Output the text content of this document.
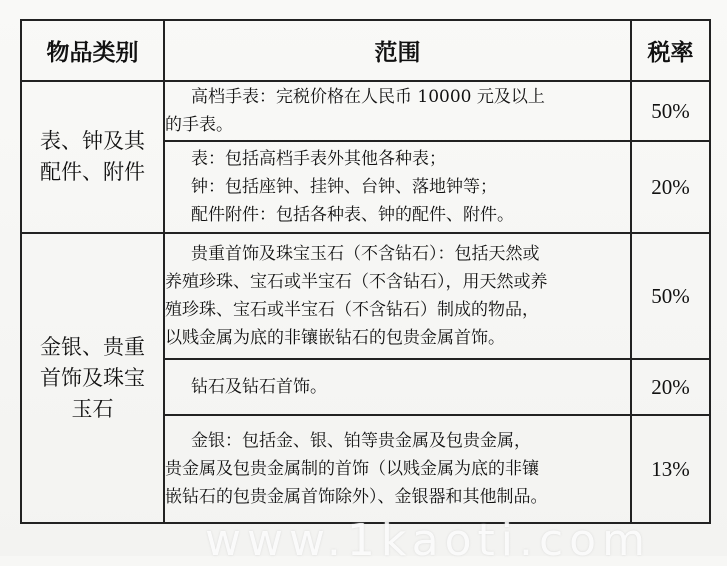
物品类别	范围	税率
表、钟及其
配件、附件	高档手表：完税价格在人民币 10000 元及以上
的手表。	50%

	表：包括高档手表外其他各种表；
钟：包括座钟、挂钟、台钟、落地钟等；
配件附件：包括各种表、钟的配件、附件。	20%
金银、贵重
首饰及珠宝
玉石	贵重首饰及珠宝玉石（不含钻石）：包括天然或
养殖珍珠、宝石或半宝石（不含钻石），用天然或养
殖珍珠、宝石或半宝石（不含钻石）制成的物品，
以贱金属为底的非镶嵌钻石的包贵金属首饰。	50%

	钻石及钻石首饰。	20%

	金银：包括金、银、铂等贵金属及包贵金属，
贵金属及包贵金属制的首饰（以贱金属为底的非镶
嵌钻石的包贵金属首饰除外）、金银器和其他制品。	13%
www.1kaoti.com
